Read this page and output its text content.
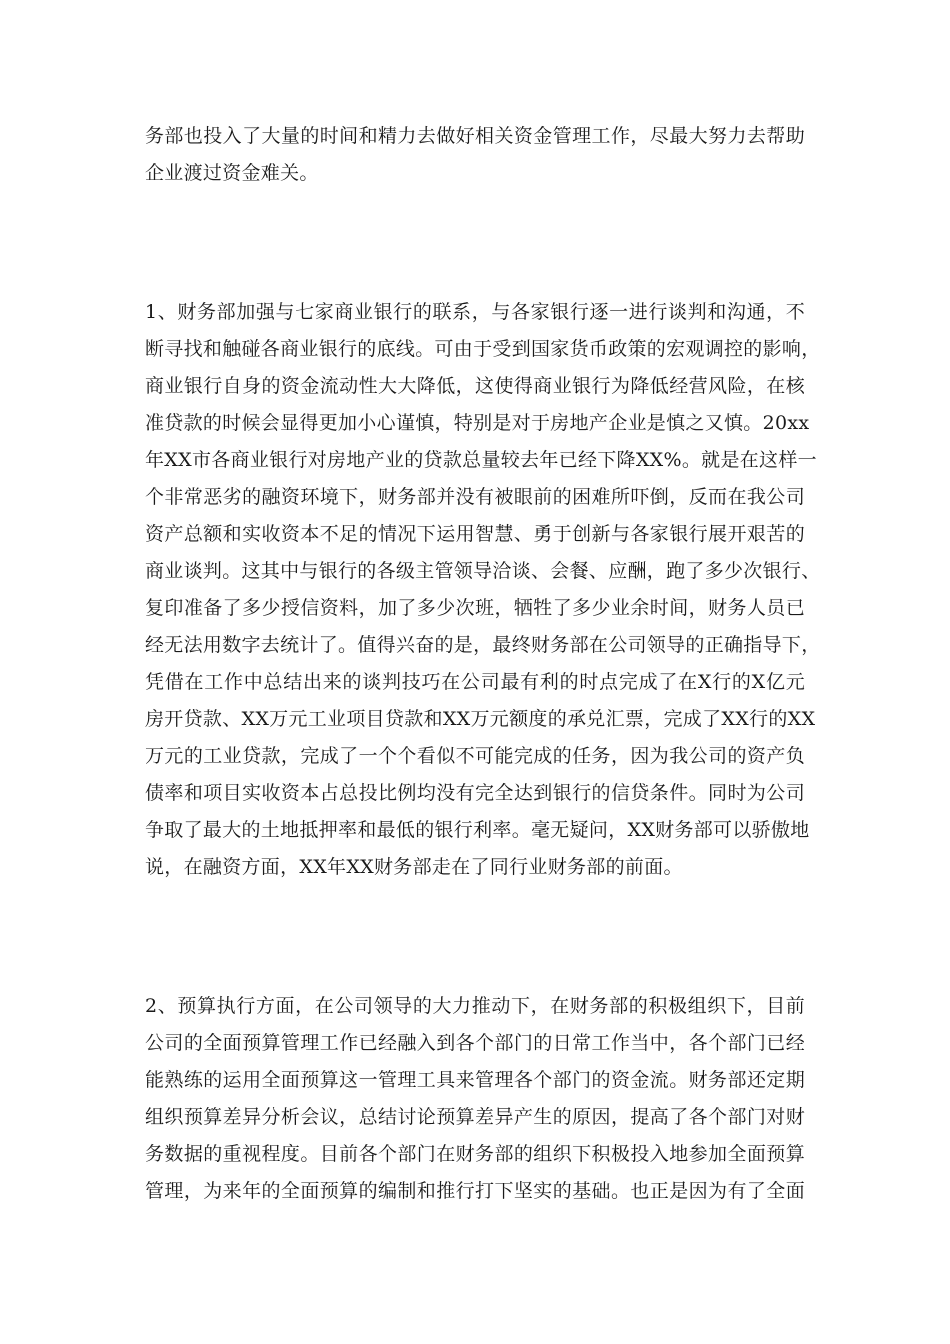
务部也投入了大量的时间和精力去做好相关资金管理工作，尽最大努力去帮助
企业渡过资金难关。
1、财务部加强与七家商业银行的联系，与各家银行逐一进行谈判和沟通，不
断寻找和触碰各商业银行的底线。可由于受到国家货币政策的宏观调控的影响，
商业银行自身的资金流动性大大降低，这使得商业银行为降低经营风险，在核
准贷款的时候会显得更加小心谨慎，特别是对于房地产企业是慎之又慎。20xx
年XX市各商业银行对房地产业的贷款总量较去年已经下降XX%。就是在这样一
个非常恶劣的融资环境下，财务部并没有被眼前的困难所吓倒，反而在我公司
资产总额和实收资本不足的情况下运用智慧、勇于创新与各家银行展开艰苦的
商业谈判。这其中与银行的各级主管领导洽谈、会餐、应酬，跑了多少次银行、
复印准备了多少授信资料，加了多少次班，牺牲了多少业余时间，财务人员已
经无法用数字去统计了。值得兴奋的是，最终财务部在公司领导的正确指导下，
凭借在工作中总结出来的谈判技巧在公司最有利的时点完成了在X行的X亿元
房开贷款、XX万元工业项目贷款和XX万元额度的承兑汇票，完成了XX行的XX
万元的工业贷款，完成了一个个看似不可能完成的任务，因为我公司的资产负
债率和项目实收资本占总投比例均没有完全达到银行的信贷条件。同时为公司
争取了最大的土地抵押率和最低的银行利率。毫无疑问，XX财务部可以骄傲地
说，在融资方面，XX年XX财务部走在了同行业财务部的前面。
2、预算执行方面，在公司领导的大力推动下，在财务部的积极组织下，目前
公司的全面预算管理工作已经融入到各个部门的日常工作当中，各个部门已经
能熟练的运用全面预算这一管理工具来管理各个部门的资金流。财务部还定期
组织预算差异分析会议，总结讨论预算差异产生的原因，提高了各个部门对财
务数据的重视程度。目前各个部门在财务部的组织下积极投入地参加全面预算
管理，为来年的全面预算的编制和推行打下坚实的基础。也正是因为有了全面
